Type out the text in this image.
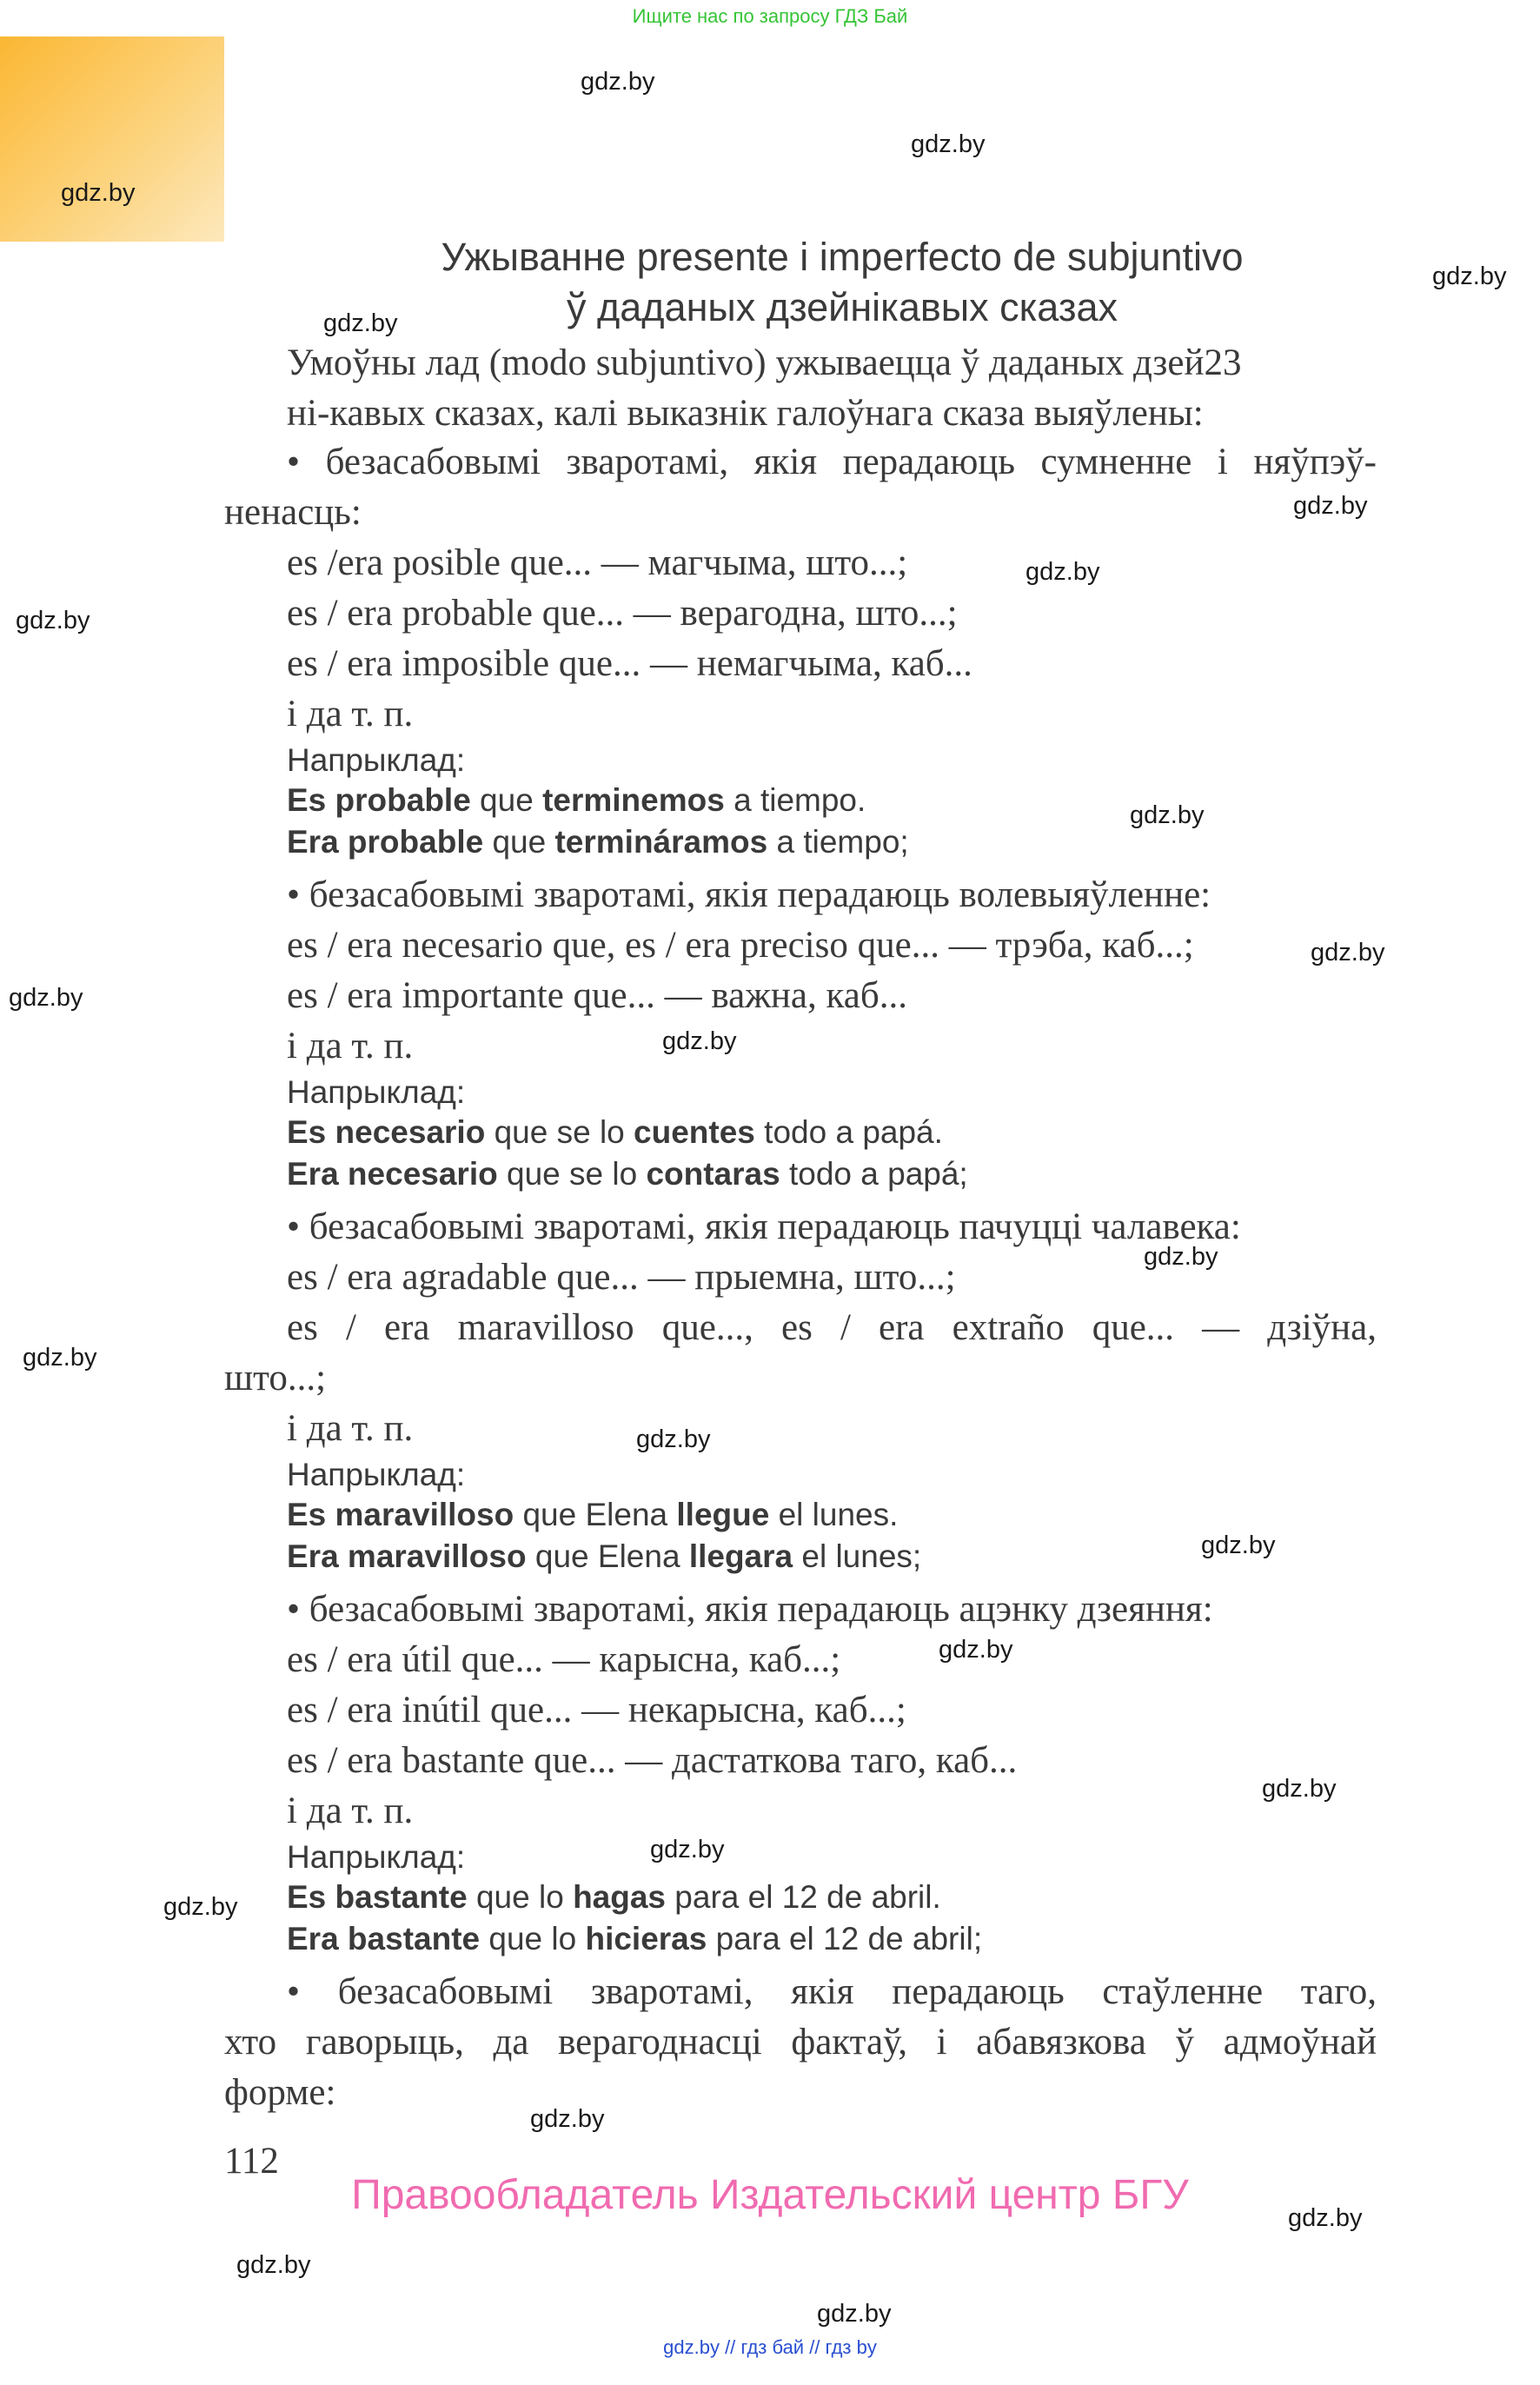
Ищите нас по запросу ГДЗ Бай
gdz.by
gdz.by
gdz.by
gdz.by
gdz.by
gdz.by
gdz.by
gdz.by
gdz.by
gdz.by
gdz.by
gdz.by
gdz.by
gdz.by
gdz.by
gdz.by
gdz.by
gdz.by
gdz.by
gdz.by
gdz.by
gdz.by
gdz.by
gdz.by
Ужыванне presente і imperfecto de subjuntivo
ў даданых дзейнікавых сказах
Умоўны лад (modo subjuntivo) ужываецца ў даданых дзей23
ні-кавых сказах, калі выказнік галоўнага сказа выяўлены:
• безасабовымі зваротамі, якія перадаюць сумненне і няўпэў-
ненасць:
es /era posible que... — магчыма, што...;
es / era probable que... — верагодна, што...;
es / era imposible que... — немагчыма, каб...
і да т. п.
Напрыклад:
Es probable que terminemos a tiempo.
Era probable que termináramos a tiempo;
• безасабовымі зваротамі, якія перадаюць волевыяўленне:
es / era necesario que, es / era preciso que... — трэба, каб...;
es / era importante que... — важна, каб...
і да т. п.
Напрыклад:
Es necesario que se lo cuentes todo a papá.
Era necesario que se lo contaras todo a papá;
• безасабовымі зваротамі, якія перадаюць пачуцці чалавека:
es / era agradable que... — прыемна, што...;
es / era maravilloso que..., es / era extraño que... — дзіўна,
што...;
і да т. п.
Напрыклад:
Es maravilloso que Elena llegue el lunes.
Era maravilloso que Elena llegara el lunes;
• безасабовымі зваротамі, якія перадаюць ацэнку дзеяння:
es / era útil que... — карысна, каб...;
es / era inútil que... — некарысна, каб...;
es / era bastante que... — дастаткова таго, каб...
і да т. п.
Напрыклад:
Es bastante que lo hagas para el 12 de abril.
Era bastante que lo hicieras para el 12 de abril;
• безасабовымі зваротамі, якія перадаюць стаўленне таго,
хто гаворыць, да верагоднасці фактаў, і абавязкова ў адмоўнай
форме:
112
Правообладатель Издательский центр БГУ
gdz.by // гдз бай // гдз by
